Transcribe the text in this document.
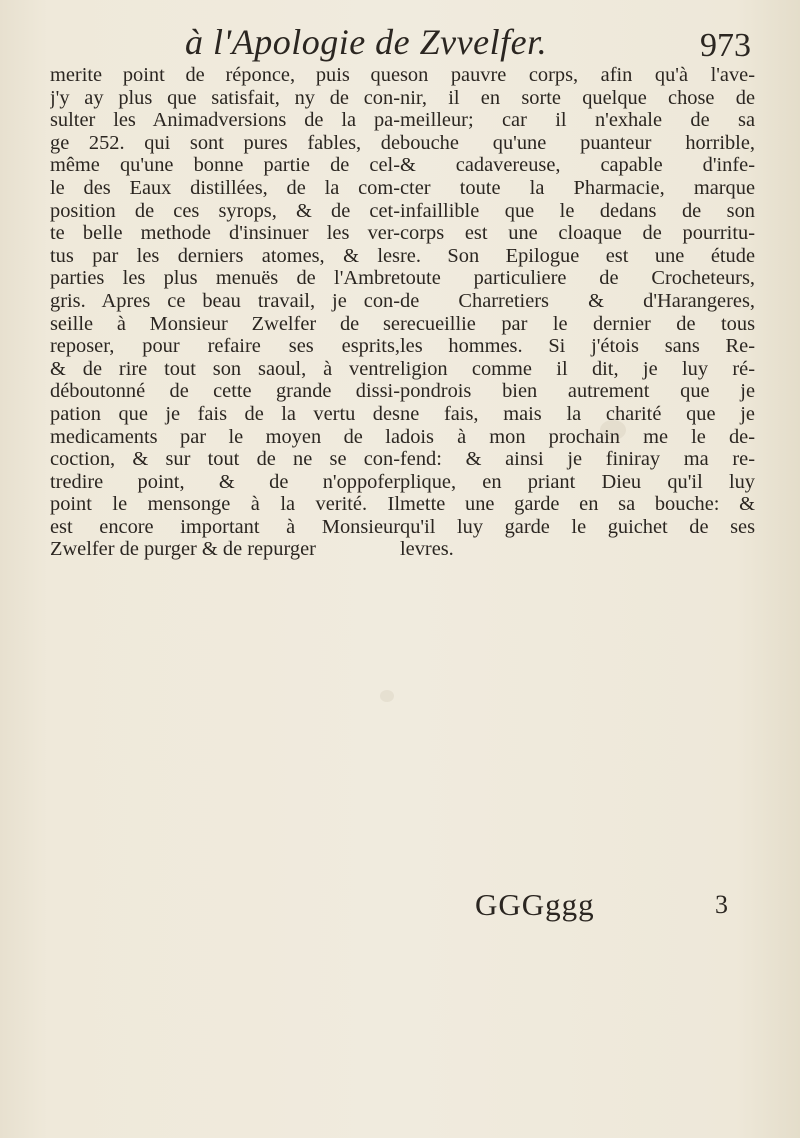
à l'Apologie de Zvvelfer.	973
merite point de réponce, puis que
j'y ay plus que satisfait, ny de con-
sulter les Animadversions de la pa-
ge 252. qui sont pures fables, de
même qu'une bonne partie de cel-
le des Eaux distillées, de la com-
position de ces syrops, & de cet-
te belle methode d'insinuer les ver-
tus par les derniers atomes, & les
parties les plus menuës de l'Ambre
gris. Apres ce beau travail, je con-
seille à Monsieur Zwelfer de se
reposer, pour refaire ses esprits,
& de rire tout son saoul, à ventre
déboutonné de cette grande dissi-
pation que je fais de la vertu des
medicaments par le moyen de la
coction, & sur tout de ne se con-
tredire point, & de n'oppofer
point le mensonge à la verité. Il
est encore important à Monsieur
Zwelfer de purger & de repurger
son pauvre corps, afin qu'à l'ave-
nir, il en sorte quelque chose de
meilleur; car il n'exhale de sa
bouche qu'une puanteur horrible,
& cadavereuse, capable d'infe-
cter toute la Pharmacie, marque
infaillible que le dedans de son
corps est une cloaque de pourritu-
re. Son Epilogue est une étude
toute particuliere de Crocheteurs,
de Charretiers & d'Harangeres,
recueillie par le dernier de tous
les hommes. Si j'étois sans Re-
ligion comme il dit, je luy ré-
pondrois bien autrement que je
ne fais, mais la charité que je
dois à mon prochain me le de-
fend: & ainsi je finiray ma re-
plique, en priant Dieu qu'il luy
mette une garde en sa bouche: &
qu'il luy garde le guichet de ses
levres.
GGGggg	3
